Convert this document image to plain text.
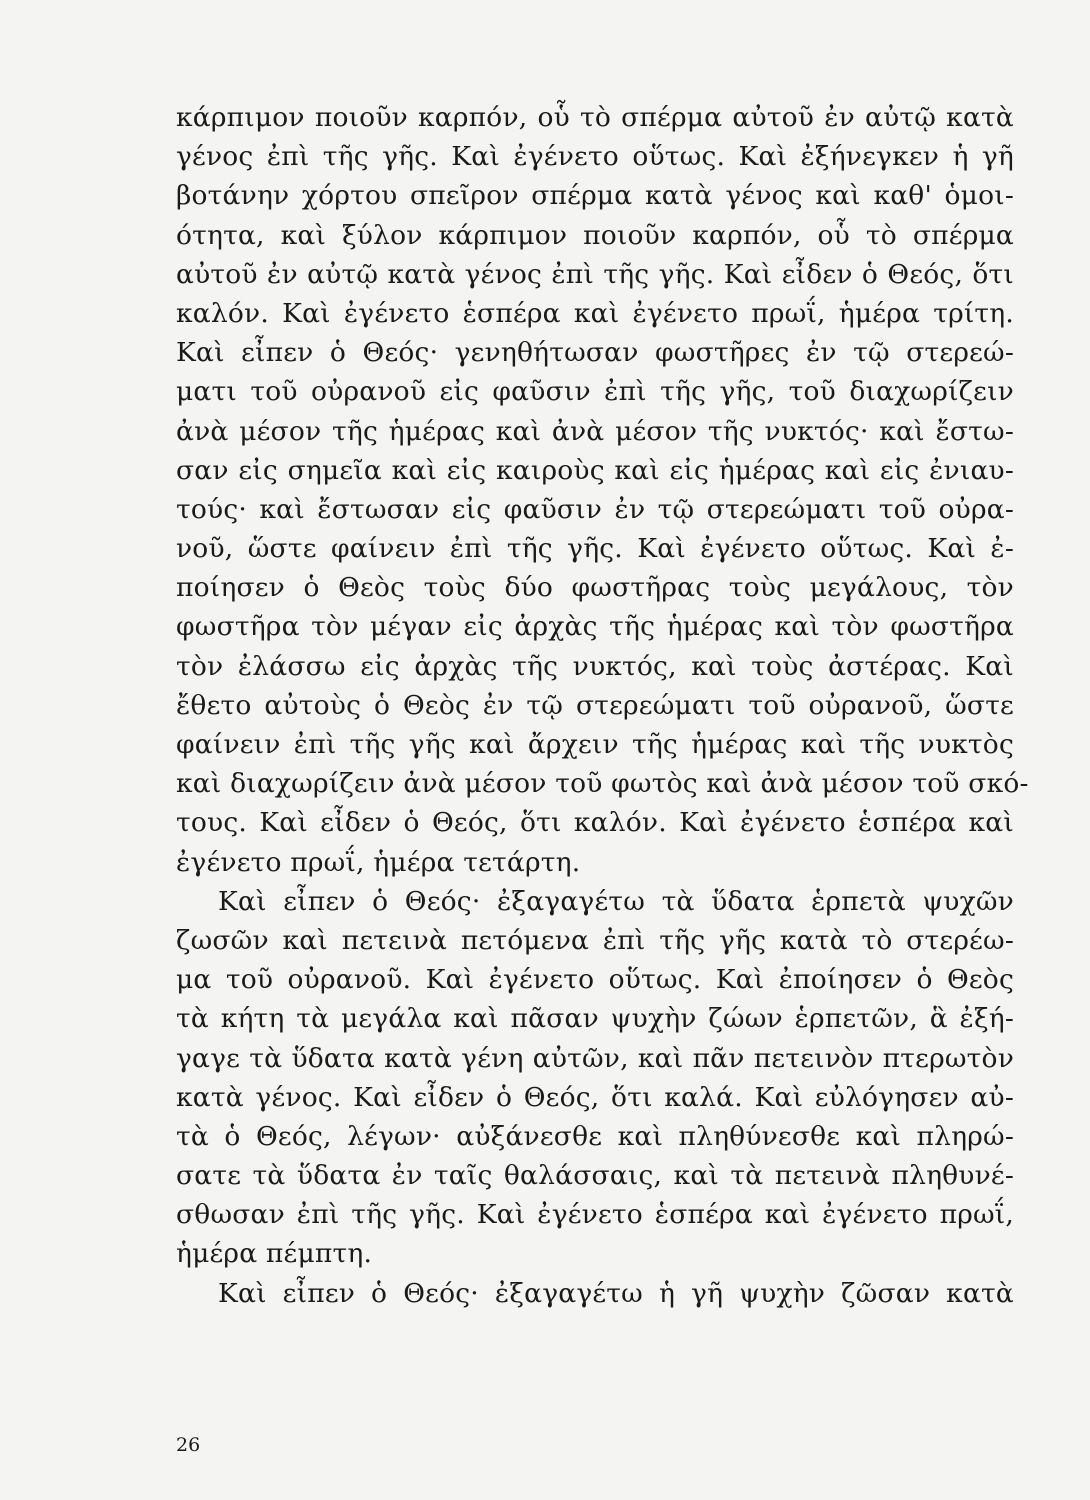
κάρπιμον ποιοῦν καρπόν, οὗ τὸ σπέρμα αὐτοῦ ἐν αὐτῷ κατὰ
γένος ἐπὶ τῆς γῆς. Καὶ ἐγένετο οὕτως. Καὶ ἐξήνεγκεν ἡ γῆ
βοτάνην χόρτου σπεῖρον σπέρμα κατὰ γένος καὶ καθ' ὁμοι-
ότητα, καὶ ξύλον κάρπιμον ποιοῦν καρπόν, οὗ τὸ σπέρμα
αὐτοῦ ἐν αὐτῷ κατὰ γένος ἐπὶ τῆς γῆς. Καὶ εἶδεν ὁ Θεός, ὅτι
καλόν. Καὶ ἐγένετο ἑσπέρα καὶ ἐγένετο πρωΐ, ἡμέρα τρίτη.
Καὶ εἶπεν ὁ Θεός· γενηθήτωσαν φωστῆρες ἐν τῷ στερεώ-
ματι τοῦ οὐρανοῦ εἰς φαῦσιν ἐπὶ τῆς γῆς, τοῦ διαχωρίζειν
ἀνὰ μέσον τῆς ἡμέρας καὶ ἀνὰ μέσον τῆς νυκτός· καὶ ἔστω-
σαν εἰς σημεῖα καὶ εἰς καιροὺς καὶ εἰς ἡμέρας καὶ εἰς ἐνιαυ-
τούς· καὶ ἔστωσαν εἰς φαῦσιν ἐν τῷ στερεώματι τοῦ οὐρα-
νοῦ, ὥστε φαίνειν ἐπὶ τῆς γῆς. Καὶ ἐγένετο οὕτως. Καὶ ἐ-
ποίησεν ὁ Θεὸς τοὺς δύο φωστῆρας τοὺς μεγάλους, τὸν
φωστῆρα τὸν μέγαν εἰς ἀρχὰς τῆς ἡμέρας καὶ τὸν φωστῆρα
τὸν ἐλάσσω εἰς ἀρχὰς τῆς νυκτός, καὶ τοὺς ἀστέρας. Καὶ
ἔθετο αὐτοὺς ὁ Θεὸς ἐν τῷ στερεώματι τοῦ οὐρανοῦ, ὥστε
φαίνειν ἐπὶ τῆς γῆς καὶ ἄρχειν τῆς ἡμέρας καὶ τῆς νυκτὸς
καὶ διαχωρίζειν ἀνὰ μέσον τοῦ φωτὸς καὶ ἀνὰ μέσον τοῦ σκό-
τους. Καὶ εἶδεν ὁ Θεός, ὅτι καλόν. Καὶ ἐγένετο ἑσπέρα καὶ
ἐγένετο πρωΐ, ἡμέρα τετάρτη.
Καὶ εἶπεν ὁ Θεός· ἐξαγαγέτω τὰ ὕδατα ἑρπετὰ ψυχῶν
ζωσῶν καὶ πετεινὰ πετόμενα ἐπὶ τῆς γῆς κατὰ τὸ στερέω-
μα τοῦ οὐρανοῦ. Καὶ ἐγένετο οὕτως. Καὶ ἐποίησεν ὁ Θεὸς
τὰ κήτη τὰ μεγάλα καὶ πᾶσαν ψυχὴν ζώων ἑρπετῶν, ἃ ἐξή-
γαγε τὰ ὕδατα κατὰ γένη αὐτῶν, καὶ πᾶν πετεινὸν πτερωτὸν
κατὰ γένος. Καὶ εἶδεν ὁ Θεός, ὅτι καλά. Καὶ εὐλόγησεν αὐ-
τὰ ὁ Θεός, λέγων· αὐξάνεσθε καὶ πληθύνεσθε καὶ πληρώ-
σατε τὰ ὕδατα ἐν ταῖς θαλάσσαις, καὶ τὰ πετεινὰ πληθυνέ-
σθωσαν ἐπὶ τῆς γῆς. Καὶ ἐγένετο ἑσπέρα καὶ ἐγένετο πρωΐ,
ἡμέρα πέμπτη.
Καὶ εἶπεν ὁ Θεός· ἐξαγαγέτω ἡ γῆ ψυχὴν ζῶσαν κατὰ
26
